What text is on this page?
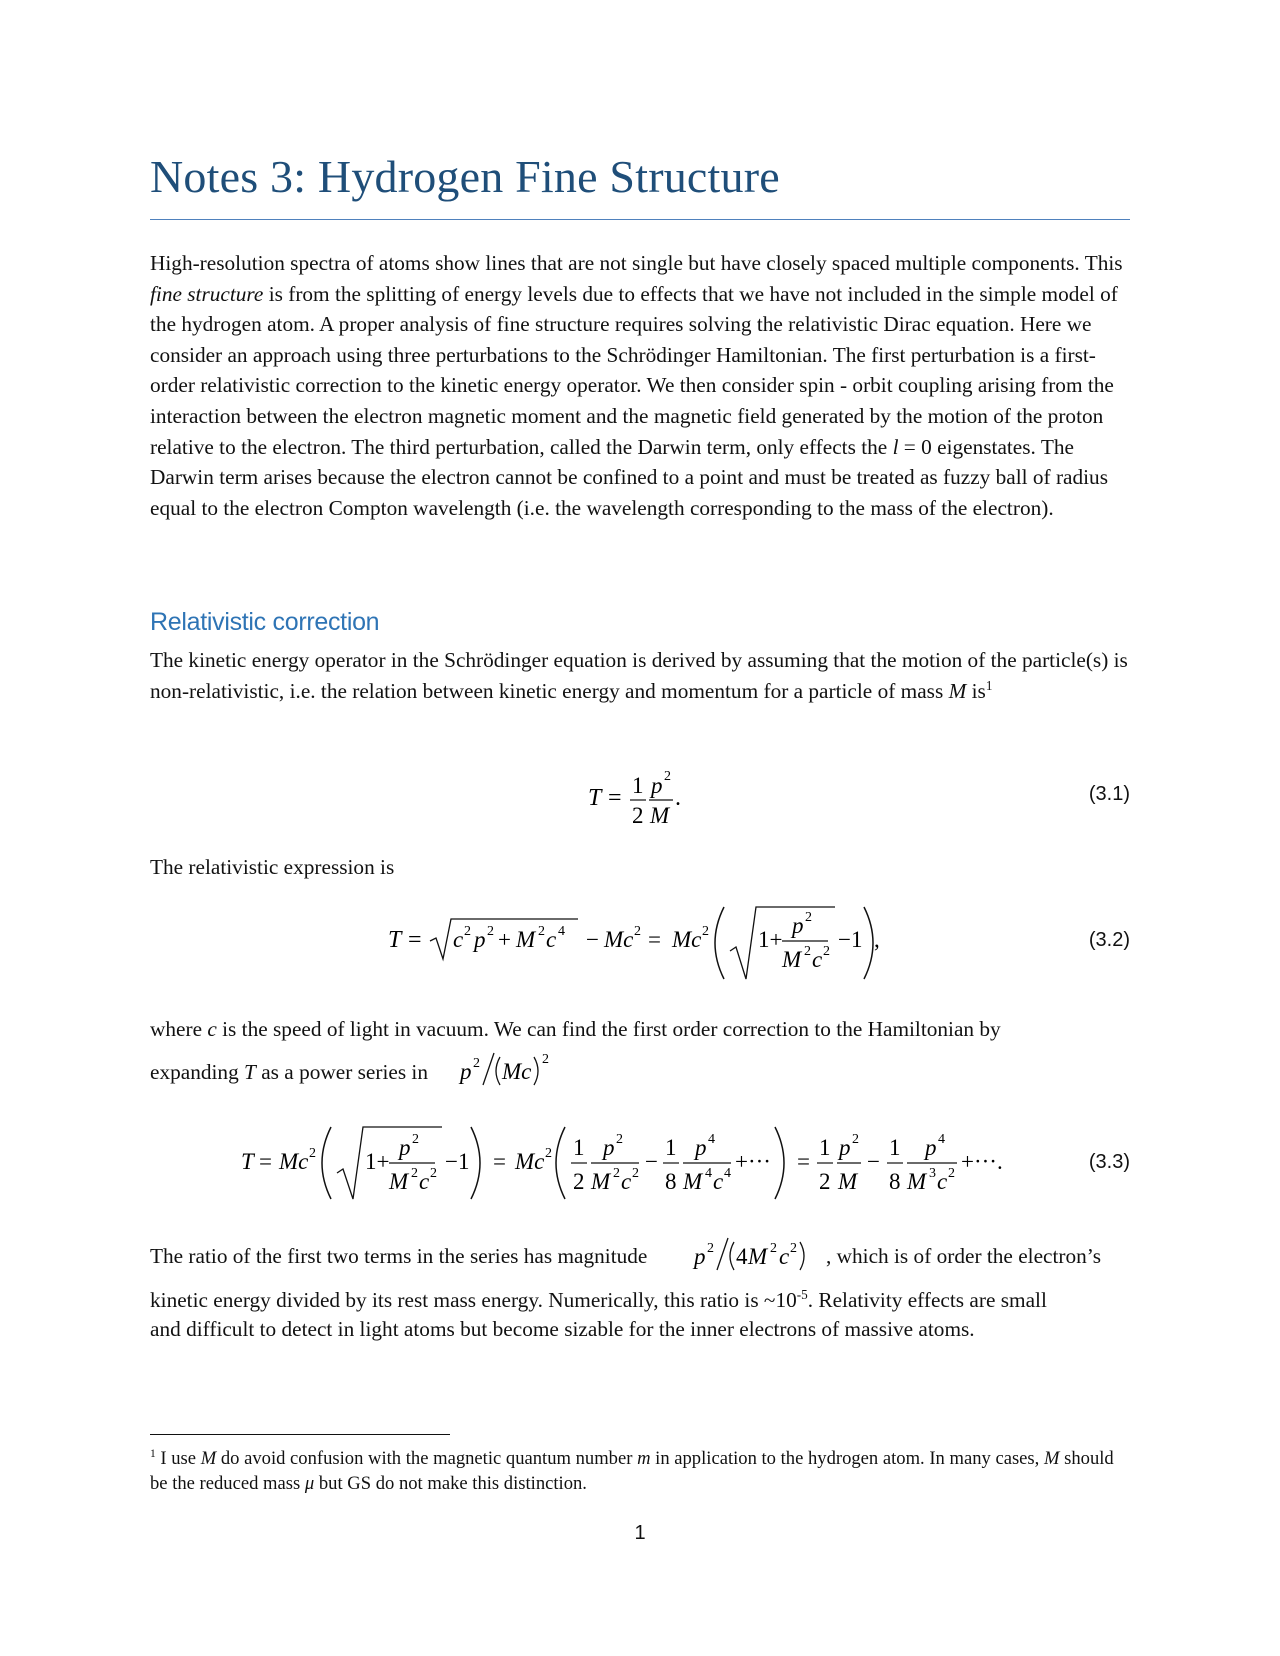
Notes 3: Hydrogen Fine Structure
High-resolution spectra of atoms show lines that are not single but have closely spaced multiple components. This fine structure is from the splitting of energy levels due to effects that we have not included in the simple model of the hydrogen atom. A proper analysis of fine structure requires solving the relativistic Dirac equation. Here we consider an approach using three perturbations to the Schrödinger Hamiltonian. The first perturbation is a first-order relativistic correction to the kinetic energy operator. We then consider spin - orbit coupling arising from the interaction between the electron magnetic moment and the magnetic field generated by the motion of the proton relative to the electron. The third perturbation, called the Darwin term, only effects the l = 0 eigenstates. The Darwin term arises because the electron cannot be confined to a point and must be treated as fuzzy ball of radius equal to the electron Compton wavelength (i.e. the wavelength corresponding to the mass of the electron).
Relativistic correction
The kinetic energy operator in the Schrödinger equation is derived by assuming that the motion of the particle(s) is non-relativistic, i.e. the relation between kinetic energy and momentum for a particle of mass M $is^1$
T = 1
2
p 2
M
.	(3.1)
The relativistic expression is
T = c 2 p 2 + M 2 c 4 − Mc 2 = Mc 2 1+
p 2
M 2 c 2 −1 ,	(3.2)
where c is the speed of light in vacuum. We can find the first order correction to the Hamiltonian by
expanding T as a power series in	p 2 Mc 2
T = Mc 2 1+
p 2
M 2 c 2 −1 = Mc 2 1
2
p 2
M 2 c 2 −
1
8
p 4
M 4 c 4 +··· =
1
2
p 2
M
−
1
8
p 4
M 3 c 2 +···.	(3.3)
The ratio of the first two terms in the series has magnitude	p 2 4 M 2 c 2 , which is of order the electron’s
kinetic energy divided by its rest mass energy. Numerically, this ratio is $\sim 10^{-5}$. Relativity effects are small
and difficult to detect in light atoms but become sizable for the inner electrons of massive atoms.
$^1$ I use M do avoid confusion with the magnetic quantum number m in application to the hydrogen atom. In many cases, M should be the reduced mass μ but GS do not make this distinction.
1
